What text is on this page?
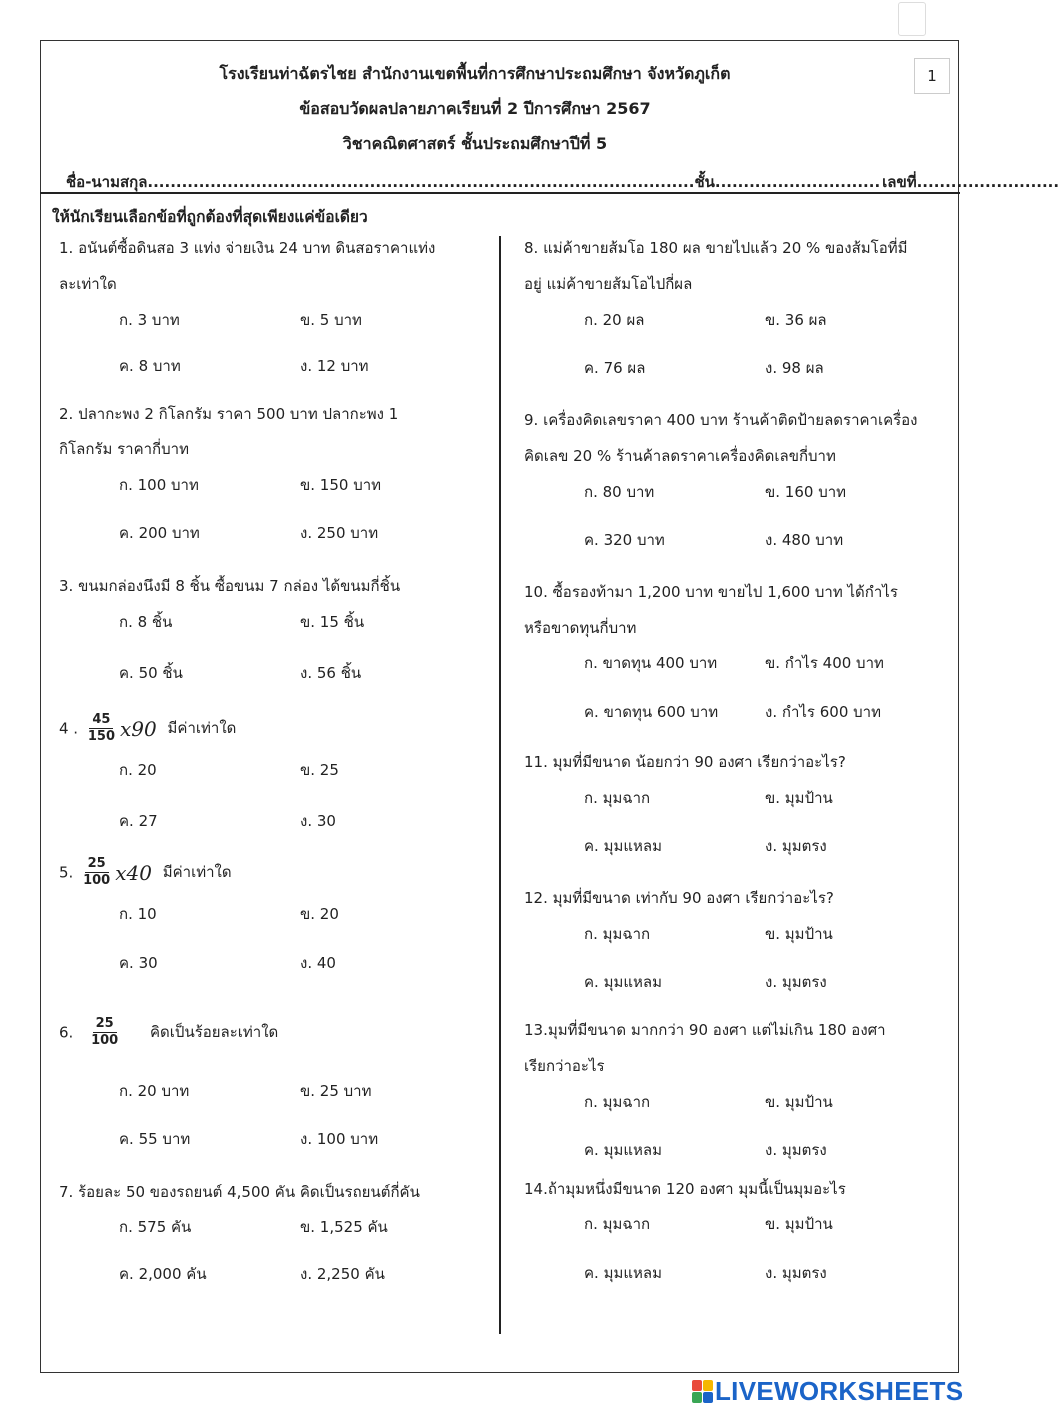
1
โรงเรียนท่าฉัตรไชย สำนักงานเขตพื้นที่การศึกษาประถมศึกษา จังหวัดภูเก็ต
ข้อสอบวัดผลปลายภาคเรียนที่ 2 ปีการศึกษา 2567
วิชาคณิตศาสตร์ ชั้นประถมศึกษาปีที่ 5
ชื่อ-นามสกุล................................................................................................ชั้น............................. เลขที่.........................
ให้นักเรียนเลือกข้อที่ถูกต้องที่สุดเพียงแค่ข้อเดียว
1. อนันต์ซื้อดินสอ 3 แท่ง จ่ายเงิน 24 บาท ดินสอราคาแท่ง
ละเท่าใด
ก. 3 บาท	ข. 5 บาท
ค. 8 บาท	ง. 12 บาท
2. ปลากะพง 2 กิโลกรัม ราคา 500 บาท ปลากะพง 1
กิโลกรัม ราคากี่บาท
ก. 100 บาท	ข. 150 บาท
ค. 200 บาท	ง. 250 บาท
3. ขนมกล่องนึงมี 8 ชิ้น ซื้อขนม 7 กล่อง ได้ขนมกี่ชิ้น
ก. 8 ชิ้น	ข. 15 ชิ้น
ค. 50 ชิ้น	ง. 56 ชิ้น
4 . $\frac{45}{150} x90$ มีค่าเท่าใด
ก. 20	ข. 25
ค. 27	ง. 30
5. $\frac{25}{100} x40$ มีค่าเท่าใด
ก. 10	ข. 20
ค. 30	ง. 40
6. $\frac{25}{100}$ คิดเป็นร้อยละเท่าใด
ก. 20 บาท	ข. 25 บาท
ค. 55 บาท	ง. 100 บาท
7. ร้อยละ 50 ของรถยนต์ 4,500 คัน คิดเป็นรถยนต์กี่คัน
ก. 575 คัน	ข. 1,525 คัน
ค. 2,000 คัน	ง. 2,250 คัน
8. แม่ค้าขายส้มโอ 180 ผล ขายไปแล้ว 20 % ของส้มโอที่มี
อยู่ แม่ค้าขายส้มโอไปกี่ผล
ก. 20 ผล	ข. 36 ผล
ค. 76 ผล	ง. 98 ผล
9. เครื่องคิดเลขราคา 400 บาท ร้านค้าติดป้ายลดราคาเครื่อง
คิดเลข 20 % ร้านค้าลดราคาเครื่องคิดเลขกี่บาท
ก. 80 บาท	ข. 160 บาท
ค. 320 บาท	ง. 480 บาท
10. ซื้อรองท้ามา 1,200 บาท ขายไป 1,600 บาท ได้กำไร
หรือขาดทุนกี่บาท
ก. ขาดทุน 400 บาท	ข. กำไร 400 บาท
ค. ขาดทุน 600 บาท	ง. กำไร 600 บาท
11. มุมที่มีขนาด น้อยกว่า 90 องศา เรียกว่าอะไร?
ก. มุมฉาก	ข. มุมป้าน
ค. มุมแหลม	ง. มุมตรง
12. มุมที่มีขนาด เท่ากับ 90 องศา เรียกว่าอะไร?
ก. มุมฉาก	ข. มุมป้าน
ค. มุมแหลม	ง. มุมตรง
13.มุมที่มีขนาด มากกว่า 90 องศา แต่ไม่เกิน 180 องศา
เรียกว่าอะไร
ก. มุมฉาก	ข. มุมป้าน
ค. มุมแหลม	ง. มุมตรง
14.ถ้ามุมหนึ่งมีขนาด 120 องศา มุมนี้เป็นมุมอะไร
ก. มุมฉาก	ข. มุมป้าน
ค. มุมแหลม	ง. มุมตรง
LIVEWORKSHEETS
